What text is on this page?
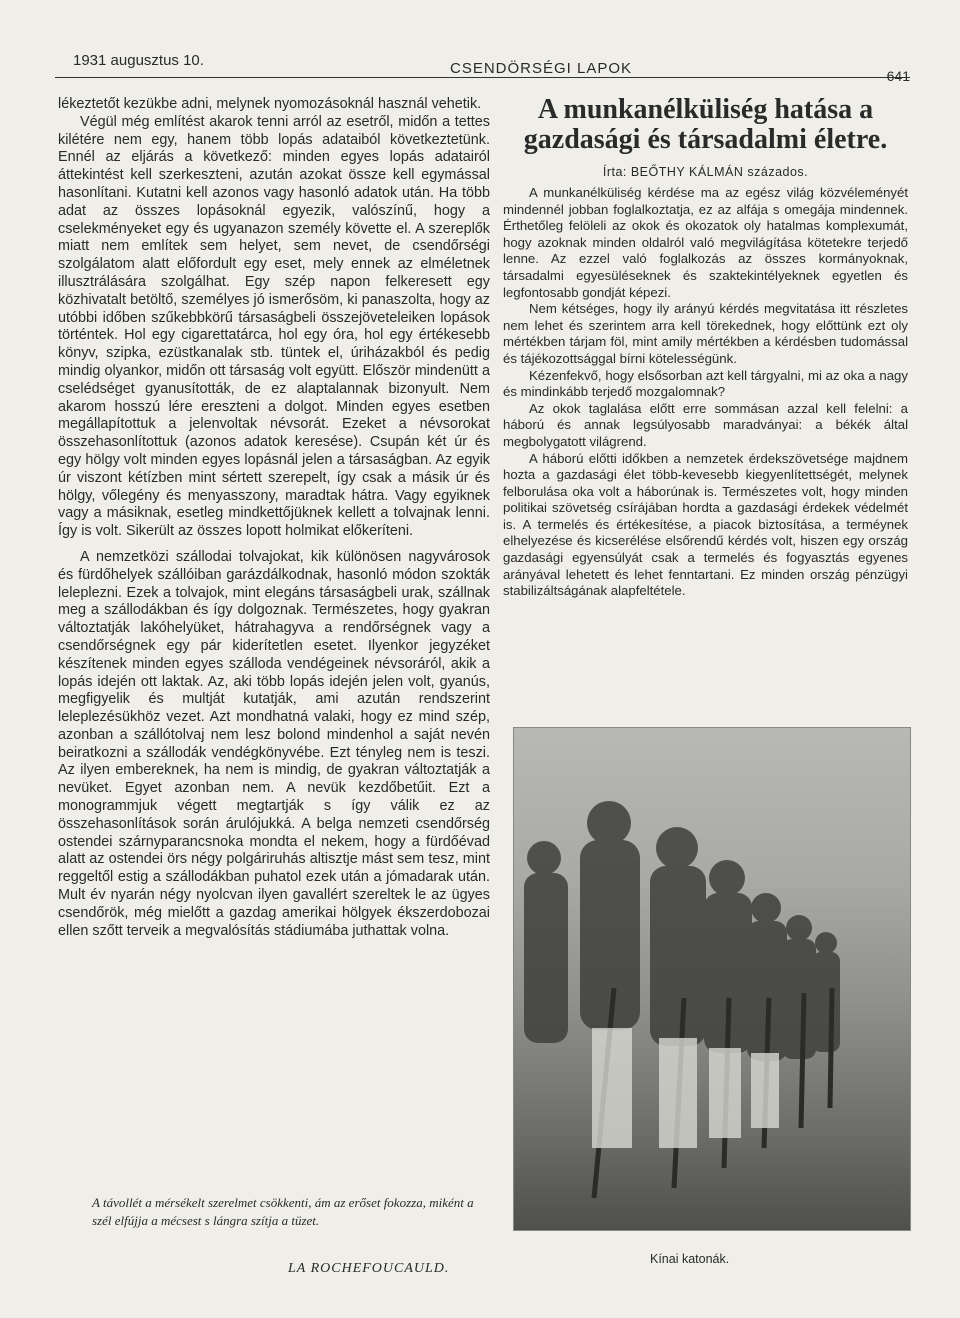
1931 augusztus 10.	CSENDÖRSÉGI LAPOK	641

lékeztetőt kezükbe adni, melynek nyomozásoknál használ vehetik.

Végül még említést akarok tenni arról az esetről, midőn a tettes kilétére nem egy, hanem több lopás adataiból következtetünk. Ennél az eljárás a következő: minden egyes lopás adatairól áttekintést kell szerkeszteni, azután azokat össze kell egymással hasonlítani. Kutatni kell azonos vagy hasonló adatok után. Ha több adat az összes lopásoknál egyezik, valószínű, hogy a cselekményeket egy és ugyanazon személy követte el. A szereplők miatt nem említek sem helyet, sem nevet, de csendőrségi szolgálatom alatt előfordult egy eset, mely ennek az elméletnek illusztrálására szolgálhat. Egy szép napon felkeresett egy közhivatalt betöltő, személyes jó ismerősöm, ki panaszolta, hogy az utóbbi időben szűkebbkörű társaságbeli összejöveteleiken lopások történtek. Hol egy cigarettatárca, hol egy óra, hol egy értékesebb könyv, szipka, ezüstkanalak stb. tüntek el, úriházakból és pedig mindig olyankor, midőn ott társaság volt együtt. Először mindenütt a cselédséget gyanusították, de ez alaptalannak bizonyult. Nem akarom hosszú lére ereszteni a dolgot. Minden egyes esetben megállapítottuk a jelenvoltak névsorát. Ezeket a névsorokat összehasonlítottuk (azonos adatok keresése). Csupán két úr és egy hölgy volt minden egyes lopásnál jelen a társaságban. Az egyik úr viszont kétízben mint sértett szerepelt, így csak a másik úr és hölgy, vőlegény és menyasszony, maradtak hátra. Vagy egyiknek vagy a másiknak, esetleg mindkettőjüknek kellett a tolvajnak lenni. Így is volt. Sikerült az összes lopott holmikat előkeríteni.

A nemzetközi szállodai tolvajokat, kik különösen nagyvárosok és fürdőhelyek szállóiban garázdálkodnak, hasonló módon szokták leleplezni. Ezek a tolvajok, mint elegáns társaságbeli urak, szállnak meg a szállodákban és így dolgoznak. Természetes, hogy gyakran változtatják lakóhelyüket, hátrahagyva a rendőrségnek vagy a csendőrségnek egy pár kiderítetlen esetet. Ilyenkor jegyzéket készítenek minden egyes szálloda vendégeinek névsoráról, akik a lopás idején ott laktak. Az, aki több lopás idején jelen volt, gyanús, megfigyelik és multját kutatják, ami azután rendszerint leleplezésükhöz vezet. Azt mondhatná valaki, hogy ez mind szép, azonban a szállótolvaj nem lesz bolond mindenhol a saját nevén beiratkozni a szállodák vendégkönyvébe. Ezt tényleg nem is teszi. Az ilyen embereknek, ha nem is mindig, de gyakran változtatják a nevüket. Egyet azonban nem. A nevük kezdőbetűit. Ezt a monogrammjuk végett megtartják s így válik ez az összehasonlítások során árulójukká. A belga nemzeti csendőrség ostendei szárnyparancsnoka mondta el nekem, hogy a fürdőévad alatt az ostendei örs négy polgáriruhás altisztje mást sem tesz, mint reggeltől estig a szállodákban puhatol ezek után a jómadarak után. Mult év nyarán négy nyolcvan ilyen gavallért szereltek le az ügyes csendőrök, még mielőtt a gazdag amerikai hölgyek ékszerdobozai ellen szőtt terveik a megvalósítás stádiumába juthattak volna.

A távollét a mérsékelt szerelmet csökkenti, ám az erőset fokozza, miként a szél elfújja a mécsest s lángra szítja a tüzet.
LA ROCHEFOUCAULD.
A munkanélküliség hatása a gazdasági és társadalmi életre.
Írta: BEŐTHY KÁLMÁN százados.

A munkanélküliség kérdése ma az egész világ közvéleményét mindennél jobban foglalkoztatja, ez az alfája s omegája mindennek. Érthetőleg felöleli az okok és okozatok oly hatalmas komplexumát, hogy azoknak minden oldalról való megvilágítása kötetekre terjedő lenne. Az ezzel való foglalkozás az összes kormányoknak, társadalmi egyesüléseknek és szaktekintélyeknek egyetlen és legfontosabb gondját képezi.

Nem kétséges, hogy ily arányú kérdés megvitatása itt részletes nem lehet és szerintem arra kell törekednek, hogy előttünk ezt oly mértékben tárjam föl, mint amily mértékben a kérdésben tudomással és tájékozottsággal bírni kötelességünk.

Kézenfekvő, hogy elsősorban azt kell tárgyalni, mi az oka a nagy és mindinkább terjedő mozgalomnak?

Az okok taglalása előtt erre sommásan azzal kell felelni: a háború és annak legsúlyosabb maradványai: a békék által megbolygatott világrend.

A háború előtti időkben a nemzetek érdekszövetsége majdnem hozta a gazdasági élet több-kevesebb kiegyenlítettségét, melynek felborulása oka volt a háborúnak is. Természetes volt, hogy minden politikai szövetség csírájában hordta a gazdasági érdekek védelmét is. A termelés és értékesítése, a piacok biztosítása, a terméynek elhelyezése és kicserélése elsőrendű kérdés volt, hiszen egy ország gazdasági egyensúlyát csak a termelés és fogyasztás egyenes arányával lehetett és lehet fenntartani. Ez minden ország pénzügyi stabilizáltságának alapfeltétele.

Kínai katonák.
